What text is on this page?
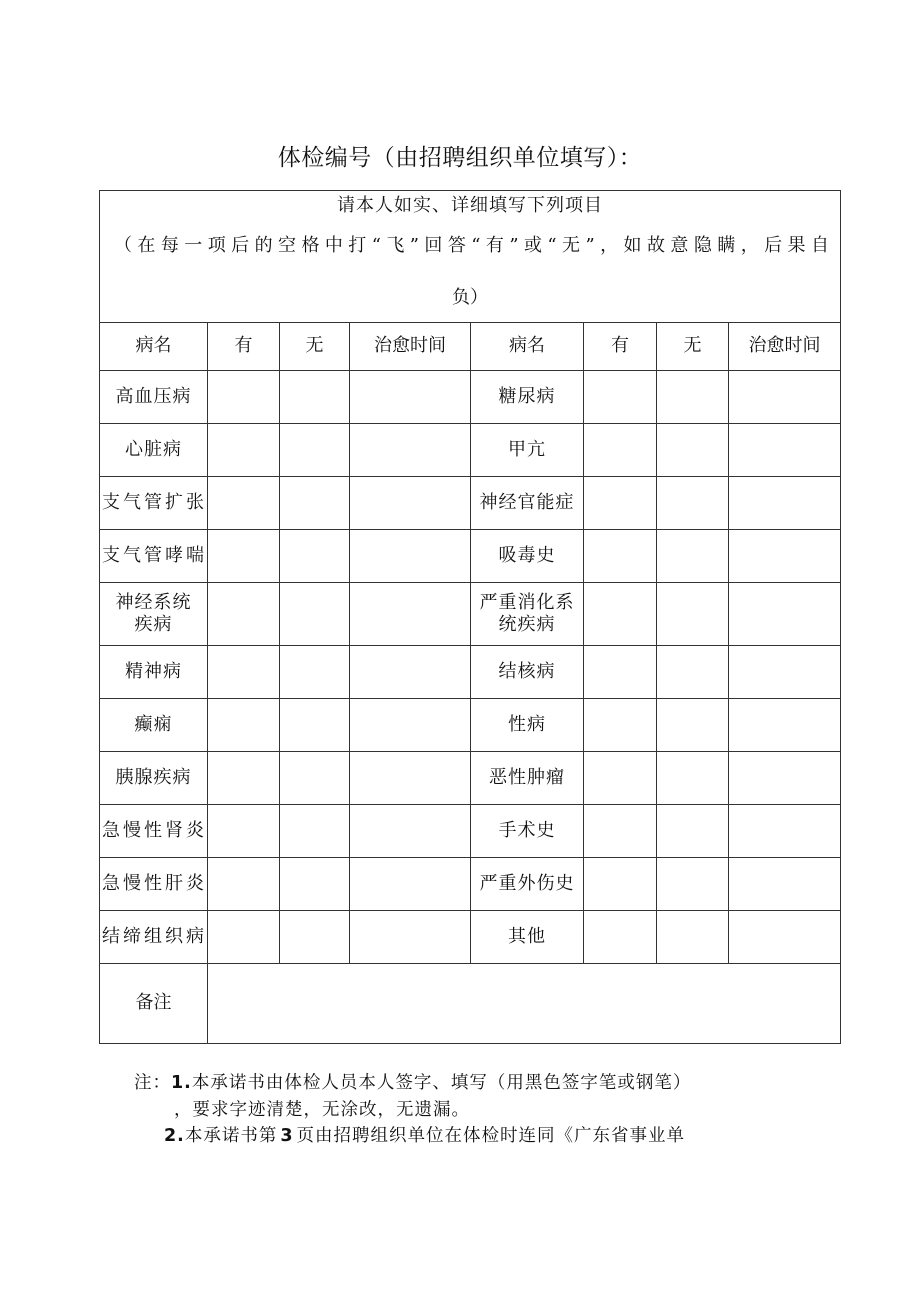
体检编号（由招聘组织单位填写）：
请本人如实、详细填写下列项目
（在每一项后的空格中打“飞”回答“有”或“无”，如故意隐瞒，后果自
负）							

病名	有	无	治愈时间	病名	有	无	治愈时间
高血压病				糖尿病			
心脏病				甲亢			
支气管扩张				神经官能症			
支气管哮喘				吸毒史			
神经系统疾病				严重消化系统疾病			
精神病				结核病			
癫痫				性病			
胰腺疾病				恶性肿瘤			
急慢性肾炎				手术史			
急慢性肝炎				严重外伤史			
结缔组织病				其他			
备注							
注：1.本承诺书由体检人员本人签字、填写（用黑色签字笔或钢笔）
，要求字迹清楚，无涂改，无遗漏。
2.本承诺书第 3 页由招聘组织单位在体检时连同《广东省事业单
